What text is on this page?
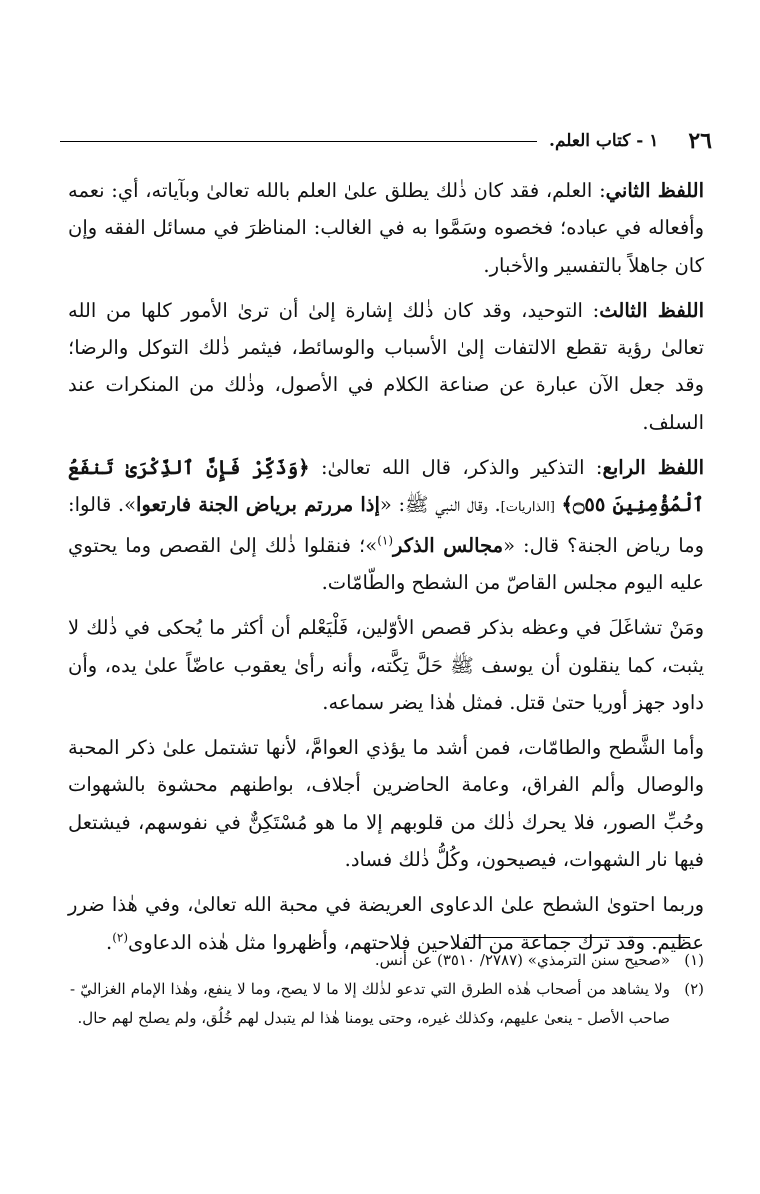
٢٦
١ - كتاب العلم.

اللفظ الثاني: العلم، فقد كان ذٰلك يطلق علىٰ العلم بالله تعالىٰ وبآياته، أي: نعمه وأفعاله في عباده؛ فخصوه وسَمَّوا به في الغالب: المناظرَ في مسائل الفقه وإن كان جاهلاً بالتفسير والأخبار.

اللفظ الثالث: التوحيد، وقد كان ذٰلك إشارة إلىٰ أن ترىٰ الأمور كلها من الله تعالىٰ رؤية تقطع الالتفات إلىٰ الأسباب والوسائط، فيثمر ذٰلك التوكل والرضا؛ وقد جعل الآن عبارة عن صناعة الكلام في الأصول، وذٰلك من المنكرات عند السلف.

اللفظ الرابع: التذكير والذكر، قال الله تعالىٰ: ﴿وَذَكِّرْ فَإِنَّ ٱلذِّكْرَىٰ تَنفَعُ ٱلْمُؤْمِنِينَ ۝٥٥﴾ [الذاريات]. وقال النبي ﷺ: «إذا مررتم برياض الجنة فارتعوا». قالوا: وما رياض الجنة؟ قال: «مجالس الذكر$^{(١)}$»؛ فنقلوا ذٰلك إلىٰ القصص وما يحتوي عليه اليوم مجلس القاصّ من الشطح والطّامّات.

ومَنْ تشاغَلَ في وعظه بذكر قصص الأوّلين، فَلْيَعْلم أن أكثر ما يُحكى في ذٰلك لا يثبت، كما ينقلون أن يوسف ﷺ حَلَّ تِكَّته، وأنه رأىٰ يعقوب عاضّاً علىٰ يده، وأن داود جهز أوريا حتىٰ قتل. فمثل هٰذا يضر سماعه.

وأما الشَّطح والطامّات، فمن أشد ما يؤذي العوامَّ، لأنها تشتمل علىٰ ذكر المحبة والوصال وألم الفراق، وعامة الحاضرين أجلاف، بواطنهم محشوة بالشهوات وحُبِّ الصور، فلا يحرك ذٰلك من قلوبهم إلا ما هو مُسْتَكِنٌّ في نفوسهم، فيشتعل فيها نار الشهوات، فيصيحون، وكُلُّ ذٰلك فساد.

وربما احتوىٰ الشطح علىٰ الدعاوى العريضة في محبة الله تعالىٰ، وفي هٰذا ضرر عظيم. وقد ترك جماعة من الفلاحين فلاحتهم، وأظهروا مثل هٰذه الدعاوى$^{(٢)}$.

(١)
«صحيح سنن الترمذي» (٢٧٨٧/ ٣٥١٠) عن أنس.
(٢)
ولا يشاهد من أصحاب هٰذه الطرق التي تدعو لذٰلك إلا ما لا يصح، وما لا ينفع، وهٰذا الإمام الغزاليّ - صاحب الأصل - ينعىٰ عليهم، وكذلك غيره، وحتى يومنا هٰذا لم يتبدل لهم خُلُق، ولم يصلح لهم حال.
